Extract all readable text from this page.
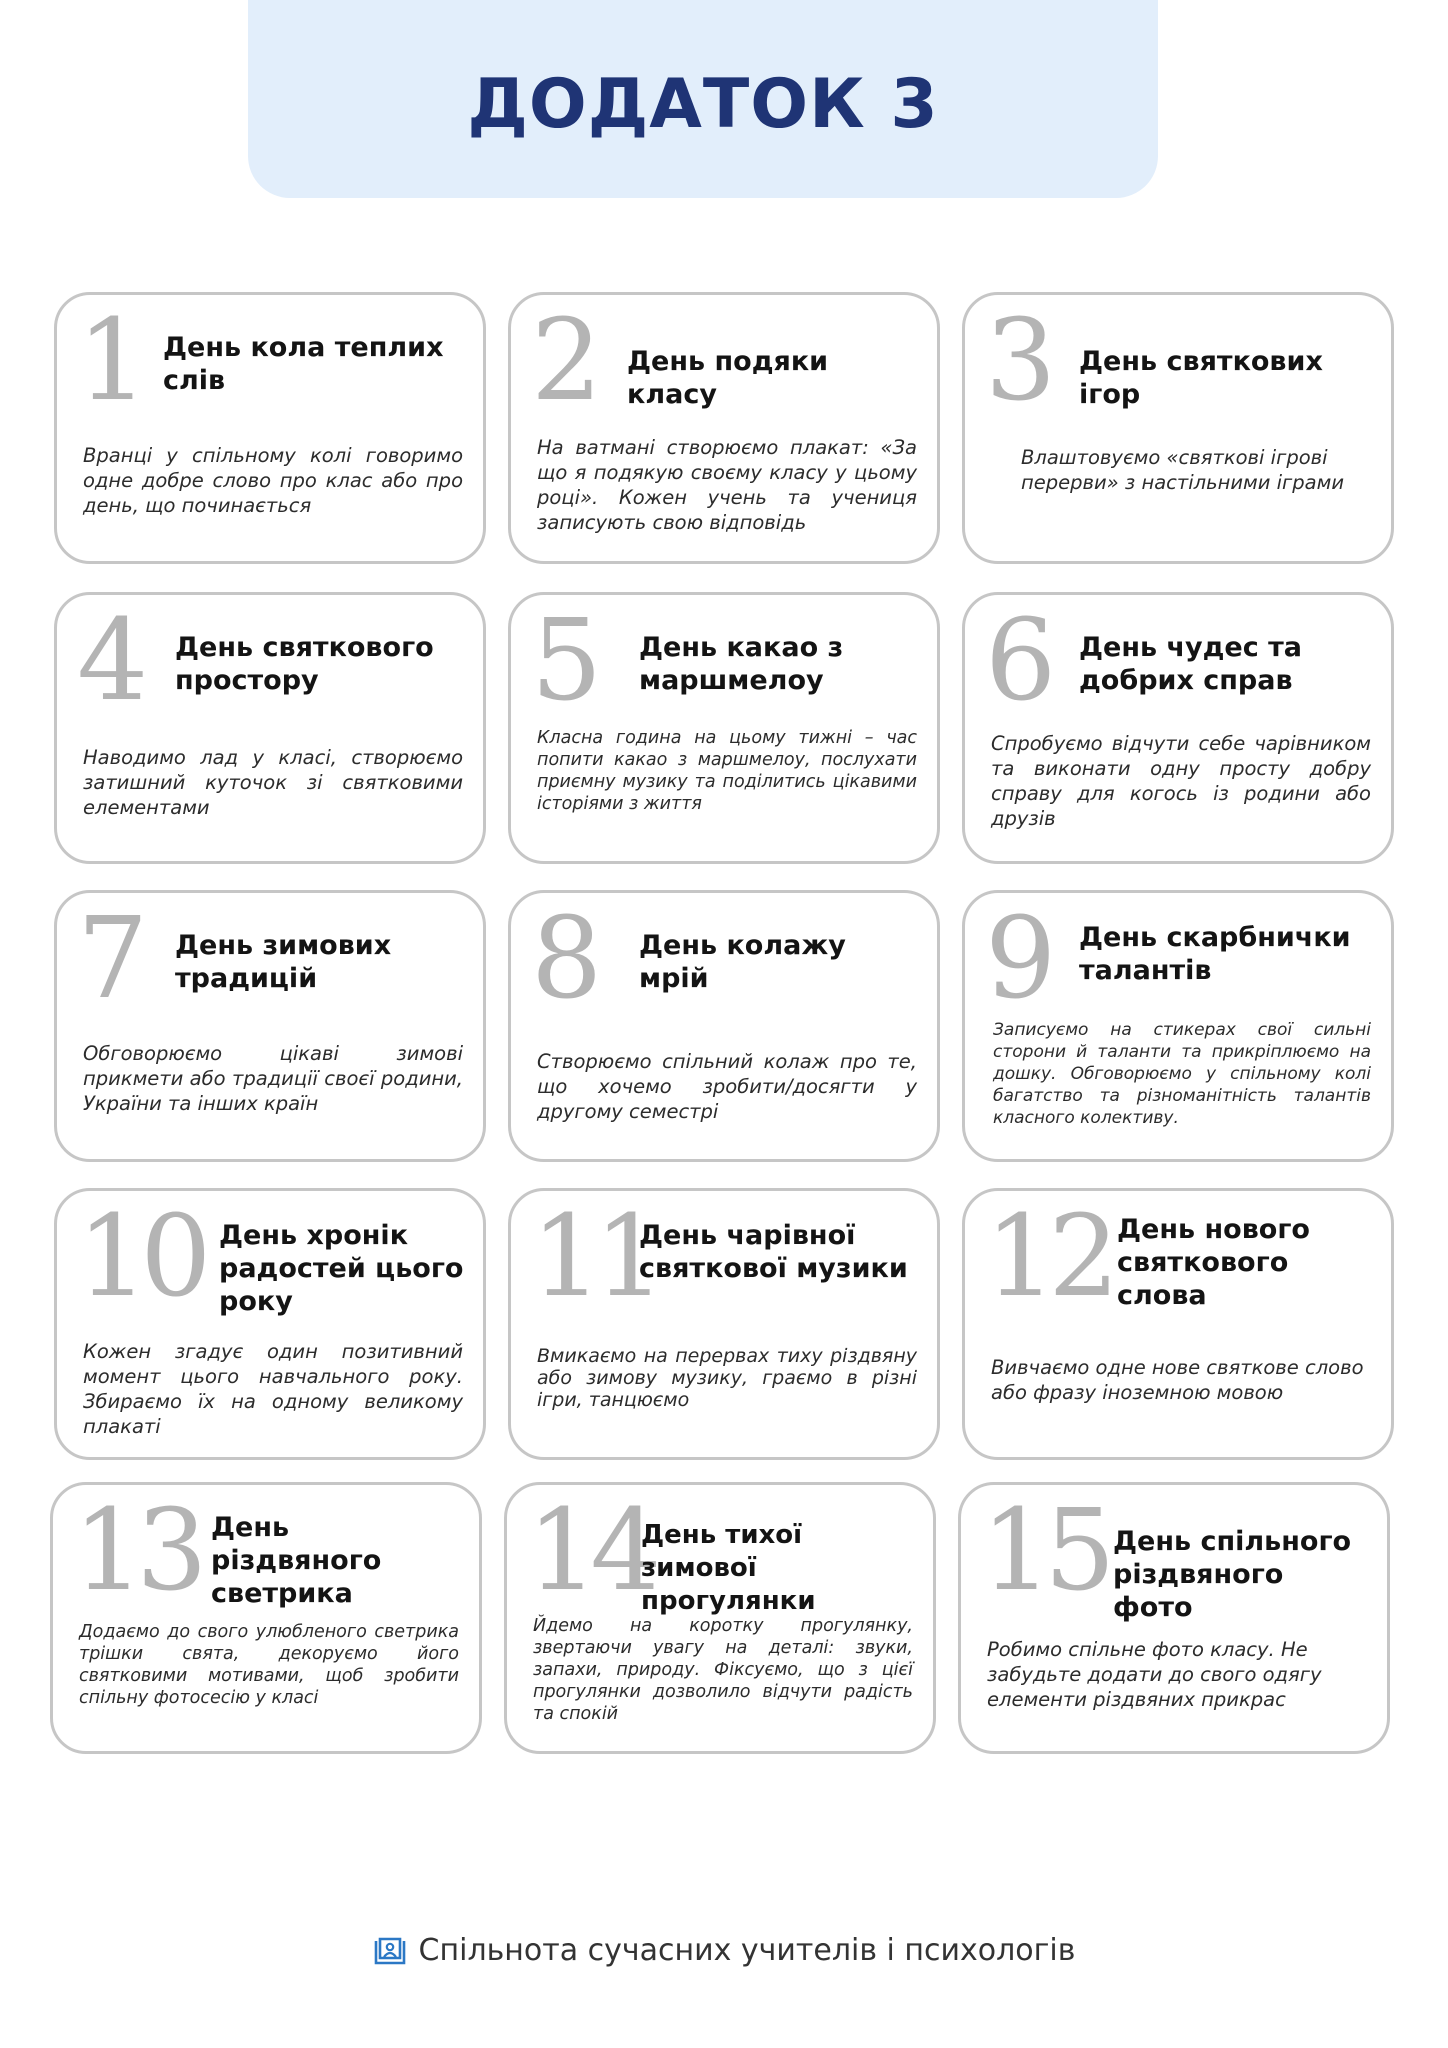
ДОДАТОК 3
1 День кола теплих слів
Вранці у спільному колі говоримо одне добре слово про клас або про день, що починається
2 День подяки класу
На ватмані створюємо плакат: «За що я подякую своєму класу у цьому році». Кожен учень та учениця записують свою відповідь
3 День святкових ігор
Влаштовуємо «святкові ігрові перерви» з настільними іграми
4 День святкового простору
Наводимо лад у класі, створюємо затишний куточок зі святковими елементами
5 День какао з маршмелоу
Класна година на цьому тижні – час попити какао з маршмелоу, послухати приємну музику та поділитись цікавими історіями з життя
6 День чудес та добрих справ
Спробуємо відчути себе чарівником та виконати одну просту добру справу для когось із родини або друзів
7 День зимових традицій
Обговорюємо цікаві зимові прикмети або традиції своєї родини, України та інших країн
8 День колажу мрій
Створюємо спільний колаж про те, що хочемо зробити/досягти у другому семестрі
9 День скарбнички талантів
Записуємо на стикерах свої сильні сторони й таланти та прикріплюємо на дошку. Обговорюємо у спільному колі багатство та різноманітність талантів класного колективу.
10 День хронік радостей цього року
Кожен згадує один позитивний момент цього навчального року. Збираємо їх на одному великому плакаті
11
День чарівної святкової музики
Вмикаємо на перервах тиху різдвяну або зимову музику, граємо в різні ігри, танцюємо
12 День нового святкового слова
Вивчаємо одне нове святкове слово або фразу іноземною мовою
13 День різдвяного светрика
Додаємо до свого улюбленого светрика трішки свята, декоруємо його святковими мотивами, щоб зробити спільну фотосесію у класі
14
День тихої зимової прогулянки
Йдемо на коротку прогулянку, звертаючи увагу на деталі: звуки, запахи, природу. Фіксуємо, що з цієї прогулянки дозволило відчути радість та спокій
15 День спільного різдвяного фото
Робимо спільне фото класу. Не забудьте додати до свого одягу елементи різдвяних прикрас
Спільнота сучасних учителів і психологів
